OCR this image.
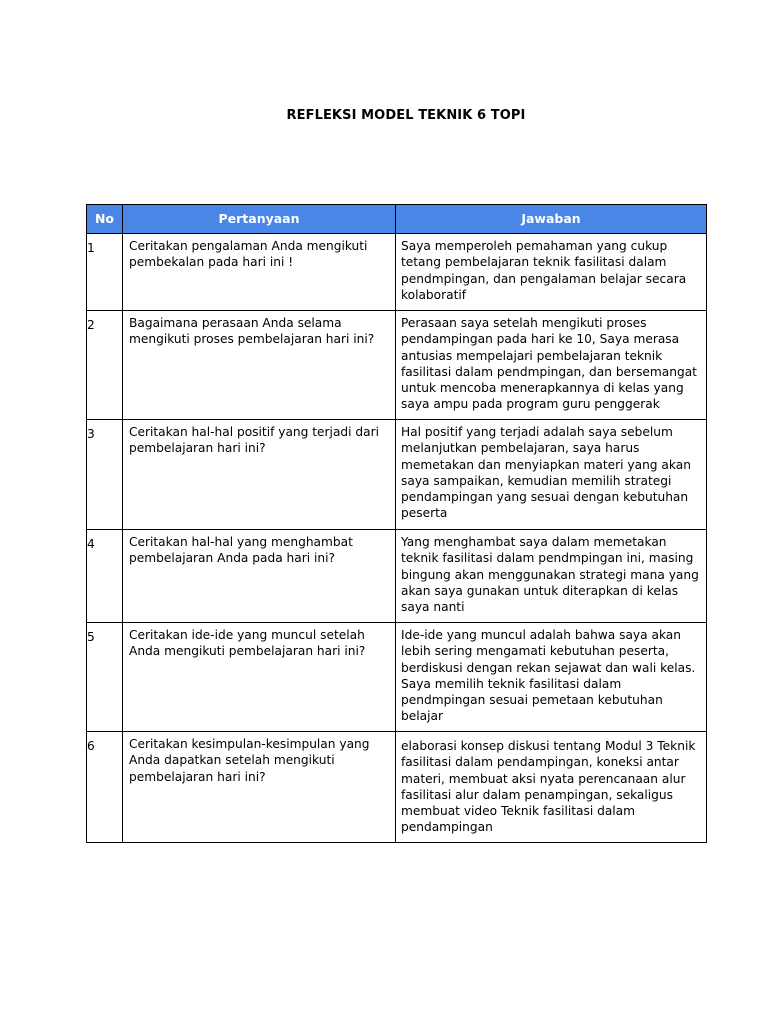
REFLEKSI MODEL TEKNIK 6 TOPI
No	Pertanyaan	Jawaban
1	Ceritakan pengalaman Anda mengikuti pembekalan pada hari ini !	Saya memperoleh pemahaman yang cukup tetang pembelajaran teknik fasilitasi dalam pendmpingan, dan pengalaman belajar secara kolaboratif
2	Bagaimana perasaan Anda selama mengikuti proses pembelajaran hari ini?	Perasaan saya setelah mengikuti proses pendampingan pada hari ke 10, Saya merasa antusias mempelajari pembelajaran teknik fasilitasi dalam pendmpingan, dan bersemangat untuk mencoba menerapkannya di kelas yang saya ampu pada program guru penggerak
3	Ceritakan hal-hal positif yang terjadi dari pembelajaran hari ini?	Hal positif yang terjadi adalah saya sebelum melanjutkan pembelajaran, saya harus memetakan dan menyiapkan materi yang akan saya sampaikan, kemudian memilih strategi pendampingan yang sesuai dengan kebutuhan peserta
4	Ceritakan hal-hal yang menghambat pembelajaran Anda pada hari ini?	Yang menghambat saya dalam memetakan teknik fasilitasi dalam pendmpingan ini, masing bingung akan menggunakan strategi mana yang akan saya gunakan untuk diterapkan di kelas saya nanti
5	Ceritakan ide-ide yang muncul setelah Anda mengikuti pembelajaran hari ini?	Ide-ide yang muncul adalah bahwa saya akan lebih sering mengamati kebutuhan peserta, berdiskusi dengan rekan sejawat dan wali kelas. Saya memilih teknik fasilitasi dalam pendmpingan sesuai pemetaan kebutuhan belajar
6	Ceritakan kesimpulan-kesimpulan yang Anda dapatkan setelah mengikuti pembelajaran hari ini?	elaborasi konsep diskusi tentang Modul 3 Teknik fasilitasi dalam pendampingan, koneksi antar materi, membuat aksi nyata perencanaan alur fasilitasi alur dalam penampingan, sekaligus membuat video Teknik fasilitasi dalam pendampingan
